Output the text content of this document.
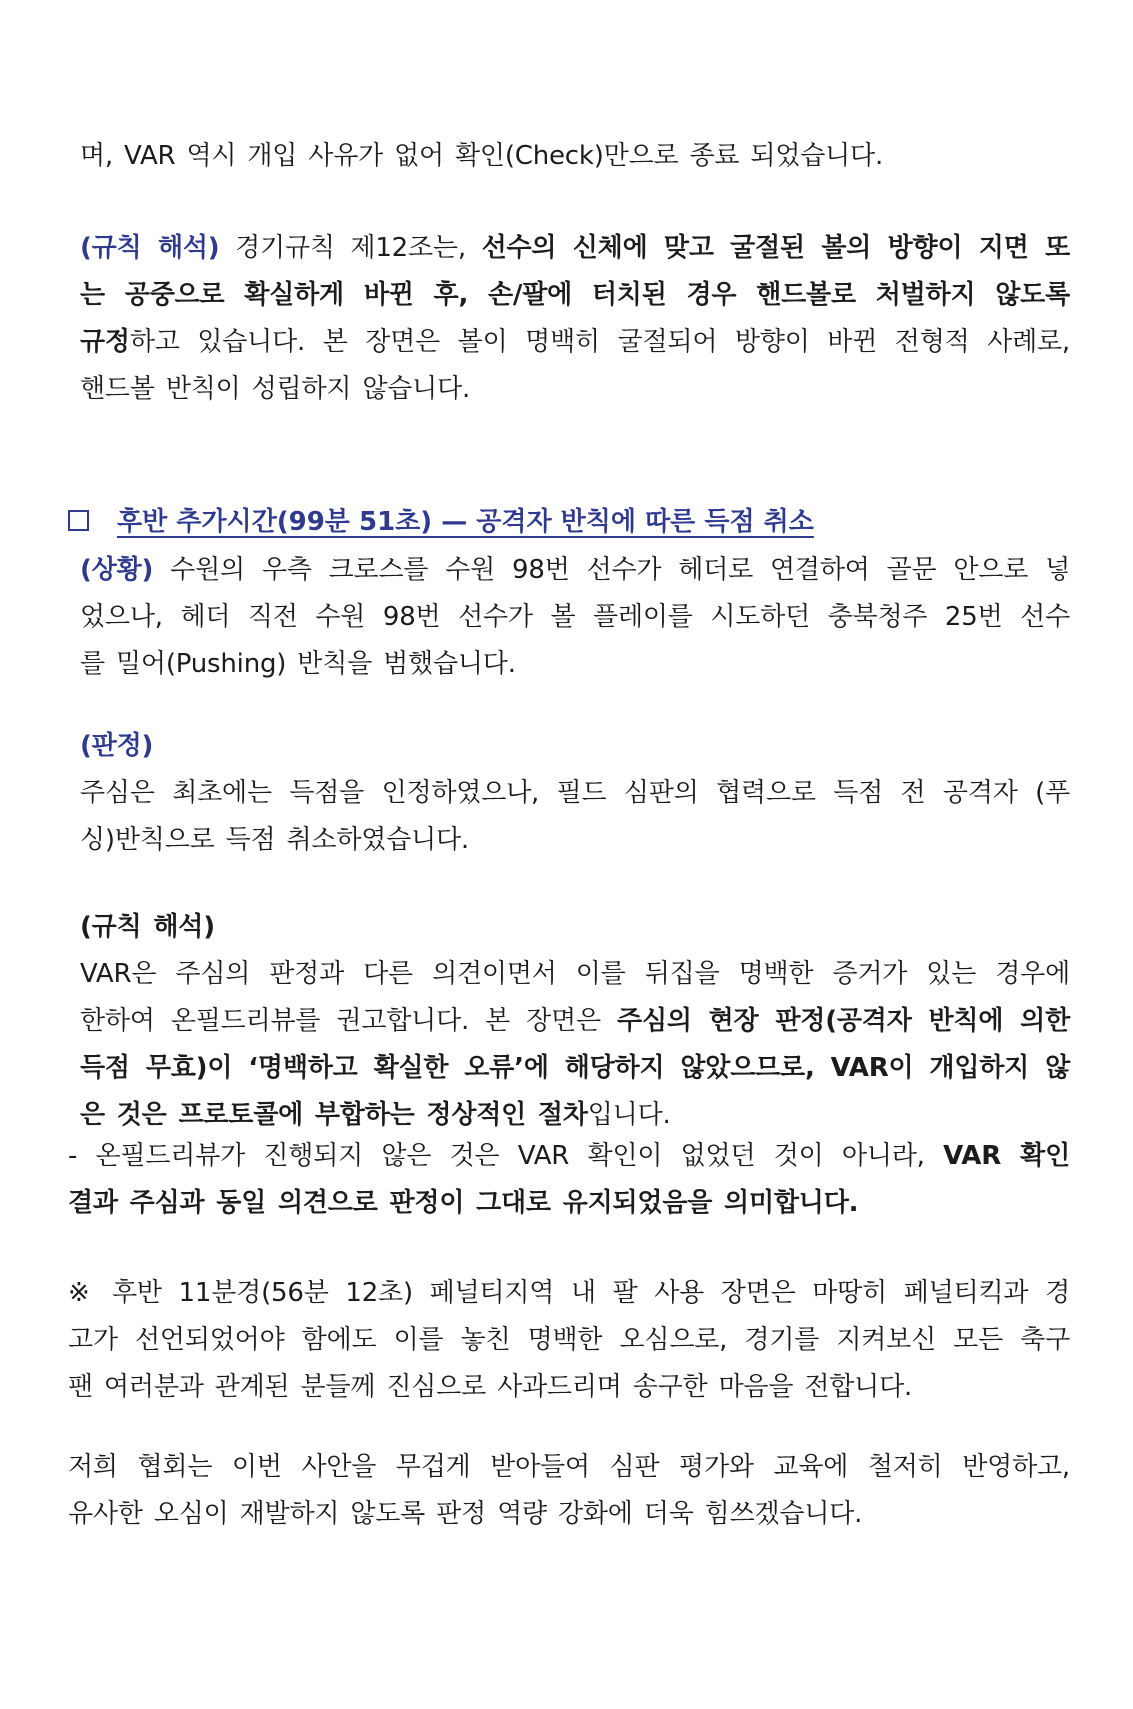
며, VAR 역시 개입 사유가 없어 확인(Check)만으로 종료 되었습니다.
(규칙 해석) 경기규칙 제12조는, 선수의 신체에 맞고 굴절된 볼의 방향이 지면 또
는 공중으로 확실하게 바뀐 후, 손/팔에 터치된 경우 핸드볼로 처벌하지 않도록
규정하고 있습니다. 본 장면은 볼이 명백히 굴절되어 방향이 바뀐 전형적 사례로,
핸드볼 반칙이 성립하지 않습니다.
후반 추가시간(99분 51초) — 공격자 반칙에 따른 득점 취소
(상황) 수원의 우측 크로스를 수원 98번 선수가 헤더로 연결하여 골문 안으로 넣
었으나, 헤더 직전 수원 98번 선수가 볼 플레이를 시도하던 충북청주 25번 선수
를 밀어(Pushing) 반칙을 범했습니다.
(판정)
주심은 최초에는 득점을 인정하였으나, 필드 심판의 협력으로 득점 전 공격자 (푸
싱)반칙으로 득점 취소하였습니다.
(규칙 해석)
VAR은 주심의 판정과 다른 의견이면서 이를 뒤집을 명백한 증거가 있는 경우에
한하여 온필드리뷰를 권고합니다. 본 장면은 주심의 현장 판정(공격자 반칙에 의한
득점 무효)이 ‘명백하고 확실한 오류’에 해당하지 않았으므로, VAR이 개입하지 않
은 것은 프로토콜에 부합하는 정상적인 절차입니다.
- 온필드리뷰가 진행되지 않은 것은 VAR 확인이 없었던 것이 아니라, VAR 확인
결과 주심과 동일 의견으로 판정이 그대로 유지되었음을 의미합니다.
※ 후반 11분경(56분 12초) 페널티지역 내 팔 사용 장면은 마땅히 페널티킥과 경
고가 선언되었어야 함에도 이를 놓친 명백한 오심으로, 경기를 지켜보신 모든 축구
팬 여러분과 관계된 분들께 진심으로 사과드리며 송구한 마음을 전합니다.
저희 협회는 이번 사안을 무겁게 받아들여 심판 평가와 교육에 철저히 반영하고,
유사한 오심이 재발하지 않도록 판정 역량 강화에 더욱 힘쓰겠습니다.
